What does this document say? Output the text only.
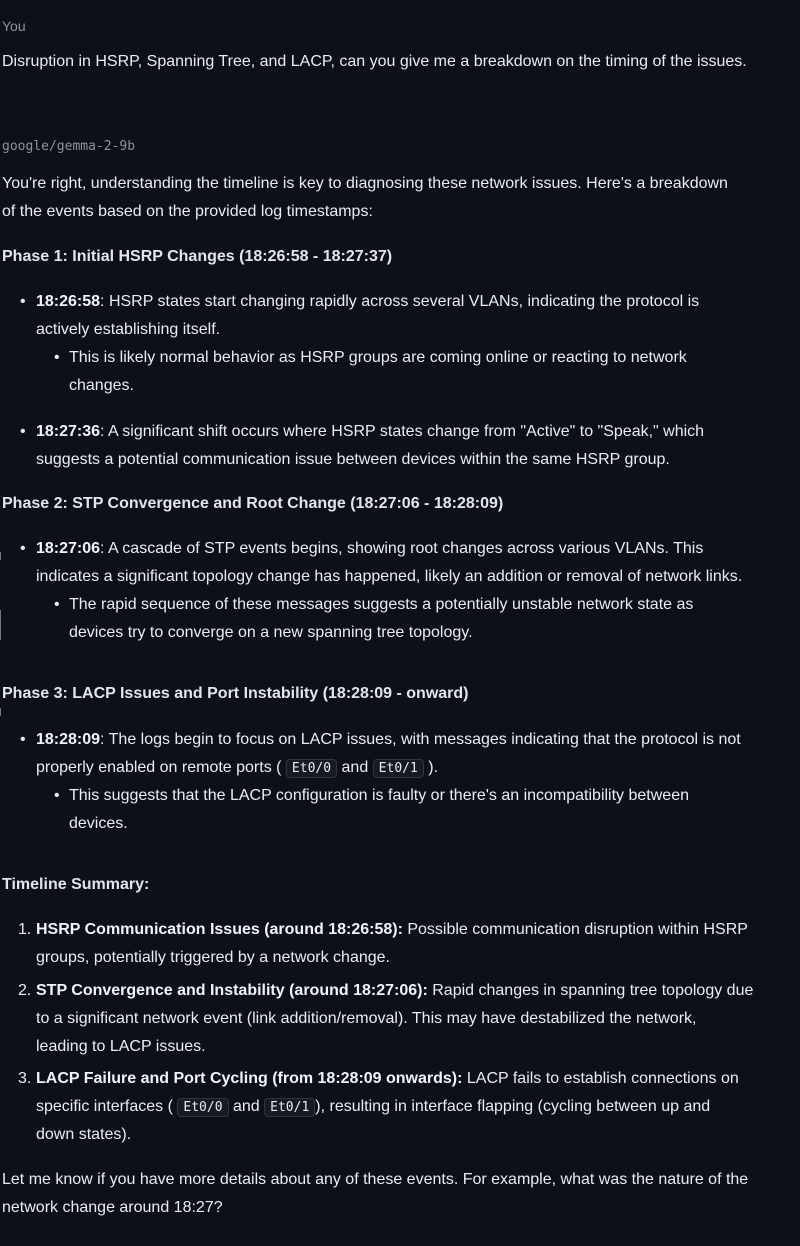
You
Disruption in HSRP, Spanning Tree, and LACP, can you give me a breakdown on the timing of the issues.
google/gemma-2-9b
You're right, understanding the timeline is key to diagnosing these network issues. Here's a breakdown
of the events based on the provided log timestamps:
Phase 1: Initial HSRP Changes (18:26:58 - 18:27:37)
• 18:26:58: HSRP states start changing rapidly across several VLANs, indicating the protocol is
actively establishing itself.
• This is likely normal behavior as HSRP groups are coming online or reacting to network
changes.
• 18:27:36: A significant shift occurs where HSRP states change from "Active" to "Speak," which
suggests a potential communication issue between devices within the same HSRP group.
Phase 2: STP Convergence and Root Change (18:27:06 - 18:28:09)
• 18:27:06: A cascade of STP events begins, showing root changes across various VLANs. This
indicates a significant topology change has happened, likely an addition or removal of network links.
• The rapid sequence of these messages suggests a potentially unstable network state as
devices try to converge on a new spanning tree topology.
Phase 3: LACP Issues and Port Instability (18:28:09 - onward)
• 18:28:09: The logs begin to focus on LACP issues, with messages indicating that the protocol is not
properly enabled on remote ports ( Et0/0 and Et0/1 ).
• This suggests that the LACP configuration is faulty or there's an incompatibility between
devices.
Timeline Summary:
1. HSRP Communication Issues (around 18:26:58): Possible communication disruption within HSRP
groups, potentially triggered by a network change.
2. STP Convergence and Instability (around 18:27:06): Rapid changes in spanning tree topology due
to a significant network event (link addition/removal). This may have destabilized the network,
leading to LACP issues.
3. LACP Failure and Port Cycling (from 18:28:09 onwards): LACP fails to establish connections on
specific interfaces ( Et0/0 and Et0/1 ), resulting in interface flapping (cycling between up and
down states).
Let me know if you have more details about any of these events. For example, what was the nature of the
network change around 18:27?
